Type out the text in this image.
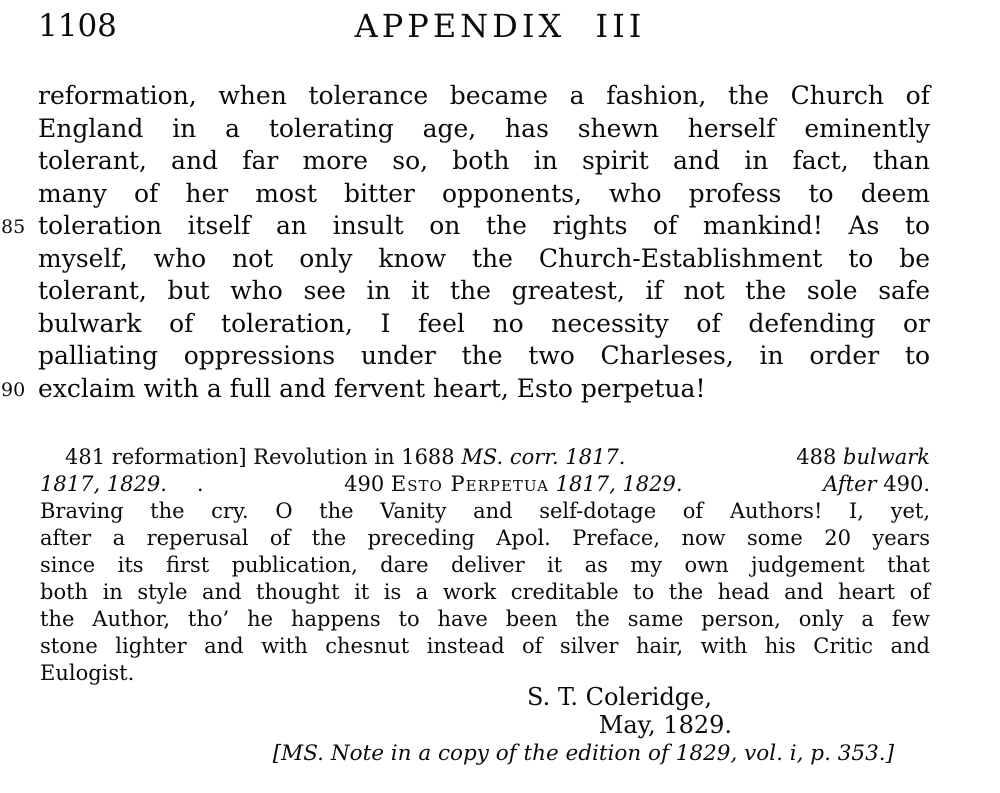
1108	APPENDIX III
reformation, when tolerance became a fashion, the Church of
England in a tolerating age, has shewn herself eminently
tolerant, and far more so, both in spirit and in fact, than
many of her most bitter opponents, who profess to deem
85 toleration itself an insult on the rights of mankind! As to
myself, who not only know the Church-Establishment to be
tolerant, but who see in it the greatest, if not the sole safe
bulwark of toleration, I feel no necessity of defending or
palliating oppressions under the two Charleses, in order to
90 exclaim with a full and fervent heart, Esto perpetua!
481 reformation] Revolution in 1688 MS. corr. 1817.	488 bulwark
1817, 1829. .	490 Esto Perpetua 1817, 1829.	After 490.
Braving the cry. O the Vanity and self-dotage of Authors! I, yet,
after a reperusal of the preceding Apol. Preface, now some 20 years
since its first publication, dare deliver it as my own judgement that
both in style and thought it is a work creditable to the head and heart of
the Author, tho’ he happens to have been the same person, only a few
stone lighter and with chesnut instead of silver hair, with his Critic and
Eulogist.
S. T. Coleridge,
May, 1829.
[MS. Note in a copy of the edition of 1829, vol. i, p. 353.]
